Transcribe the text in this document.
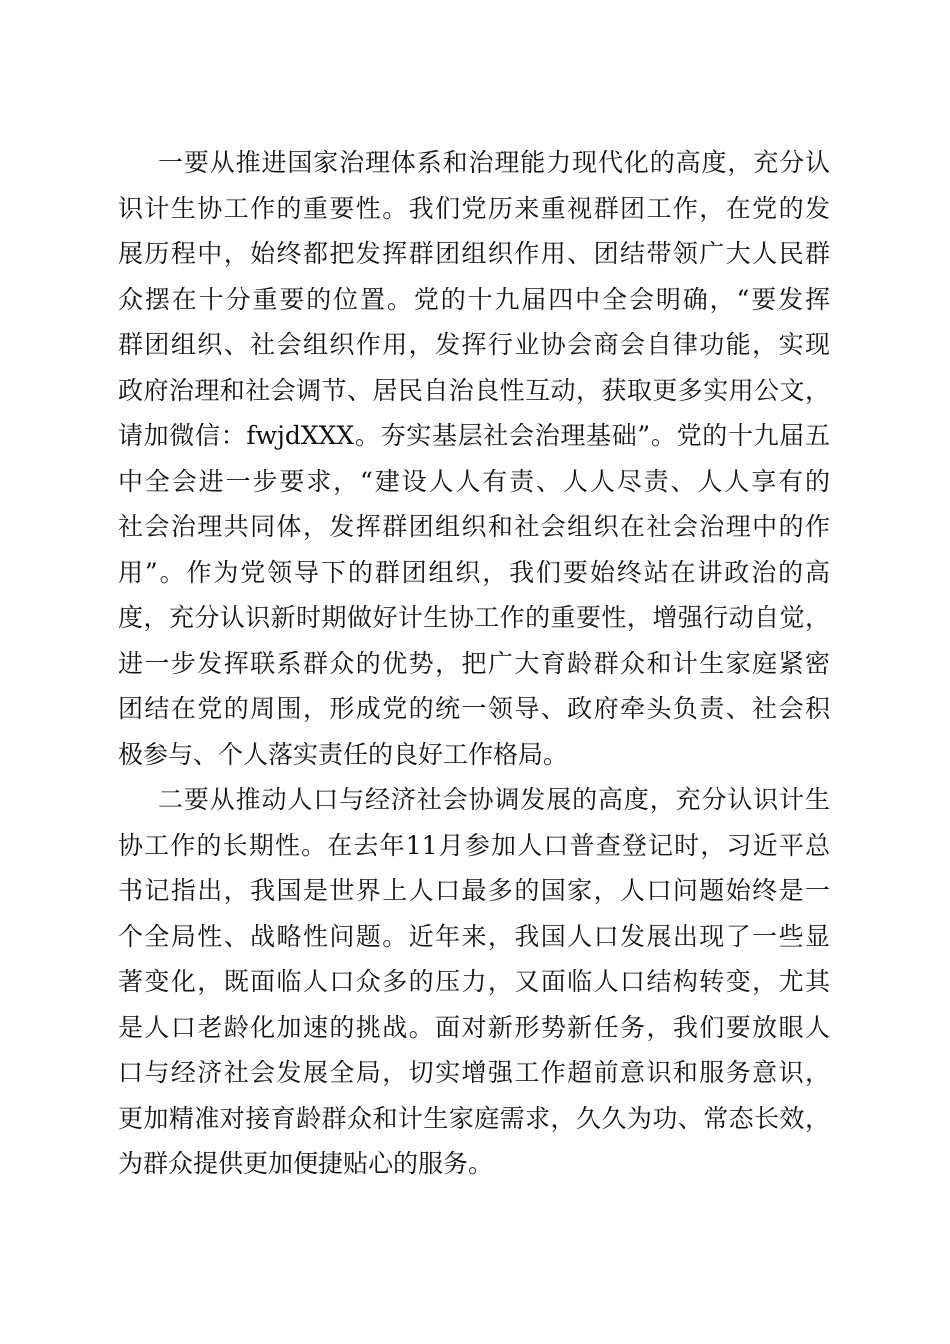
一要从推进国家治理体系和治理能力现代化的高度，充分认
识计生协工作的重要性。我们党历来重视群团工作，在党的发
展历程中，始终都把发挥群团组织作用、团结带领广大人民群
众摆在十分重要的位置。党的十九届四中全会明确，“要发挥
群团组织、社会组织作用，发挥行业协会商会自律功能，实现
政府治理和社会调节、居民自治良性互动，获取更多实用公文，
请加微信：fwjdXXX。夯实基层社会治理基础”。党的十九届五
中全会进一步要求，“建设人人有责、人人尽责、人人享有的
社会治理共同体，发挥群团组织和社会组织在社会治理中的作
用”。作为党领导下的群团组织，我们要始终站在讲政治的高
度，充分认识新时期做好计生协工作的重要性，增强行动自觉，
进一步发挥联系群众的优势，把广大育龄群众和计生家庭紧密
团结在党的周围，形成党的统一领导、政府牵头负责、社会积
极参与、个人落实责任的良好工作格局。
二要从推动人口与经济社会协调发展的高度，充分认识计生
协工作的长期性。在去年11月参加人口普查登记时，习近平总
书记指出，我国是世界上人口最多的国家，人口问题始终是一
个全局性、战略性问题。近年来，我国人口发展出现了一些显
著变化，既面临人口众多的压力，又面临人口结构转变，尤其
是人口老龄化加速的挑战。面对新形势新任务，我们要放眼人
口与经济社会发展全局，切实增强工作超前意识和服务意识，
更加精准对接育龄群众和计生家庭需求，久久为功、常态长效，
为群众提供更加便捷贴心的服务。
